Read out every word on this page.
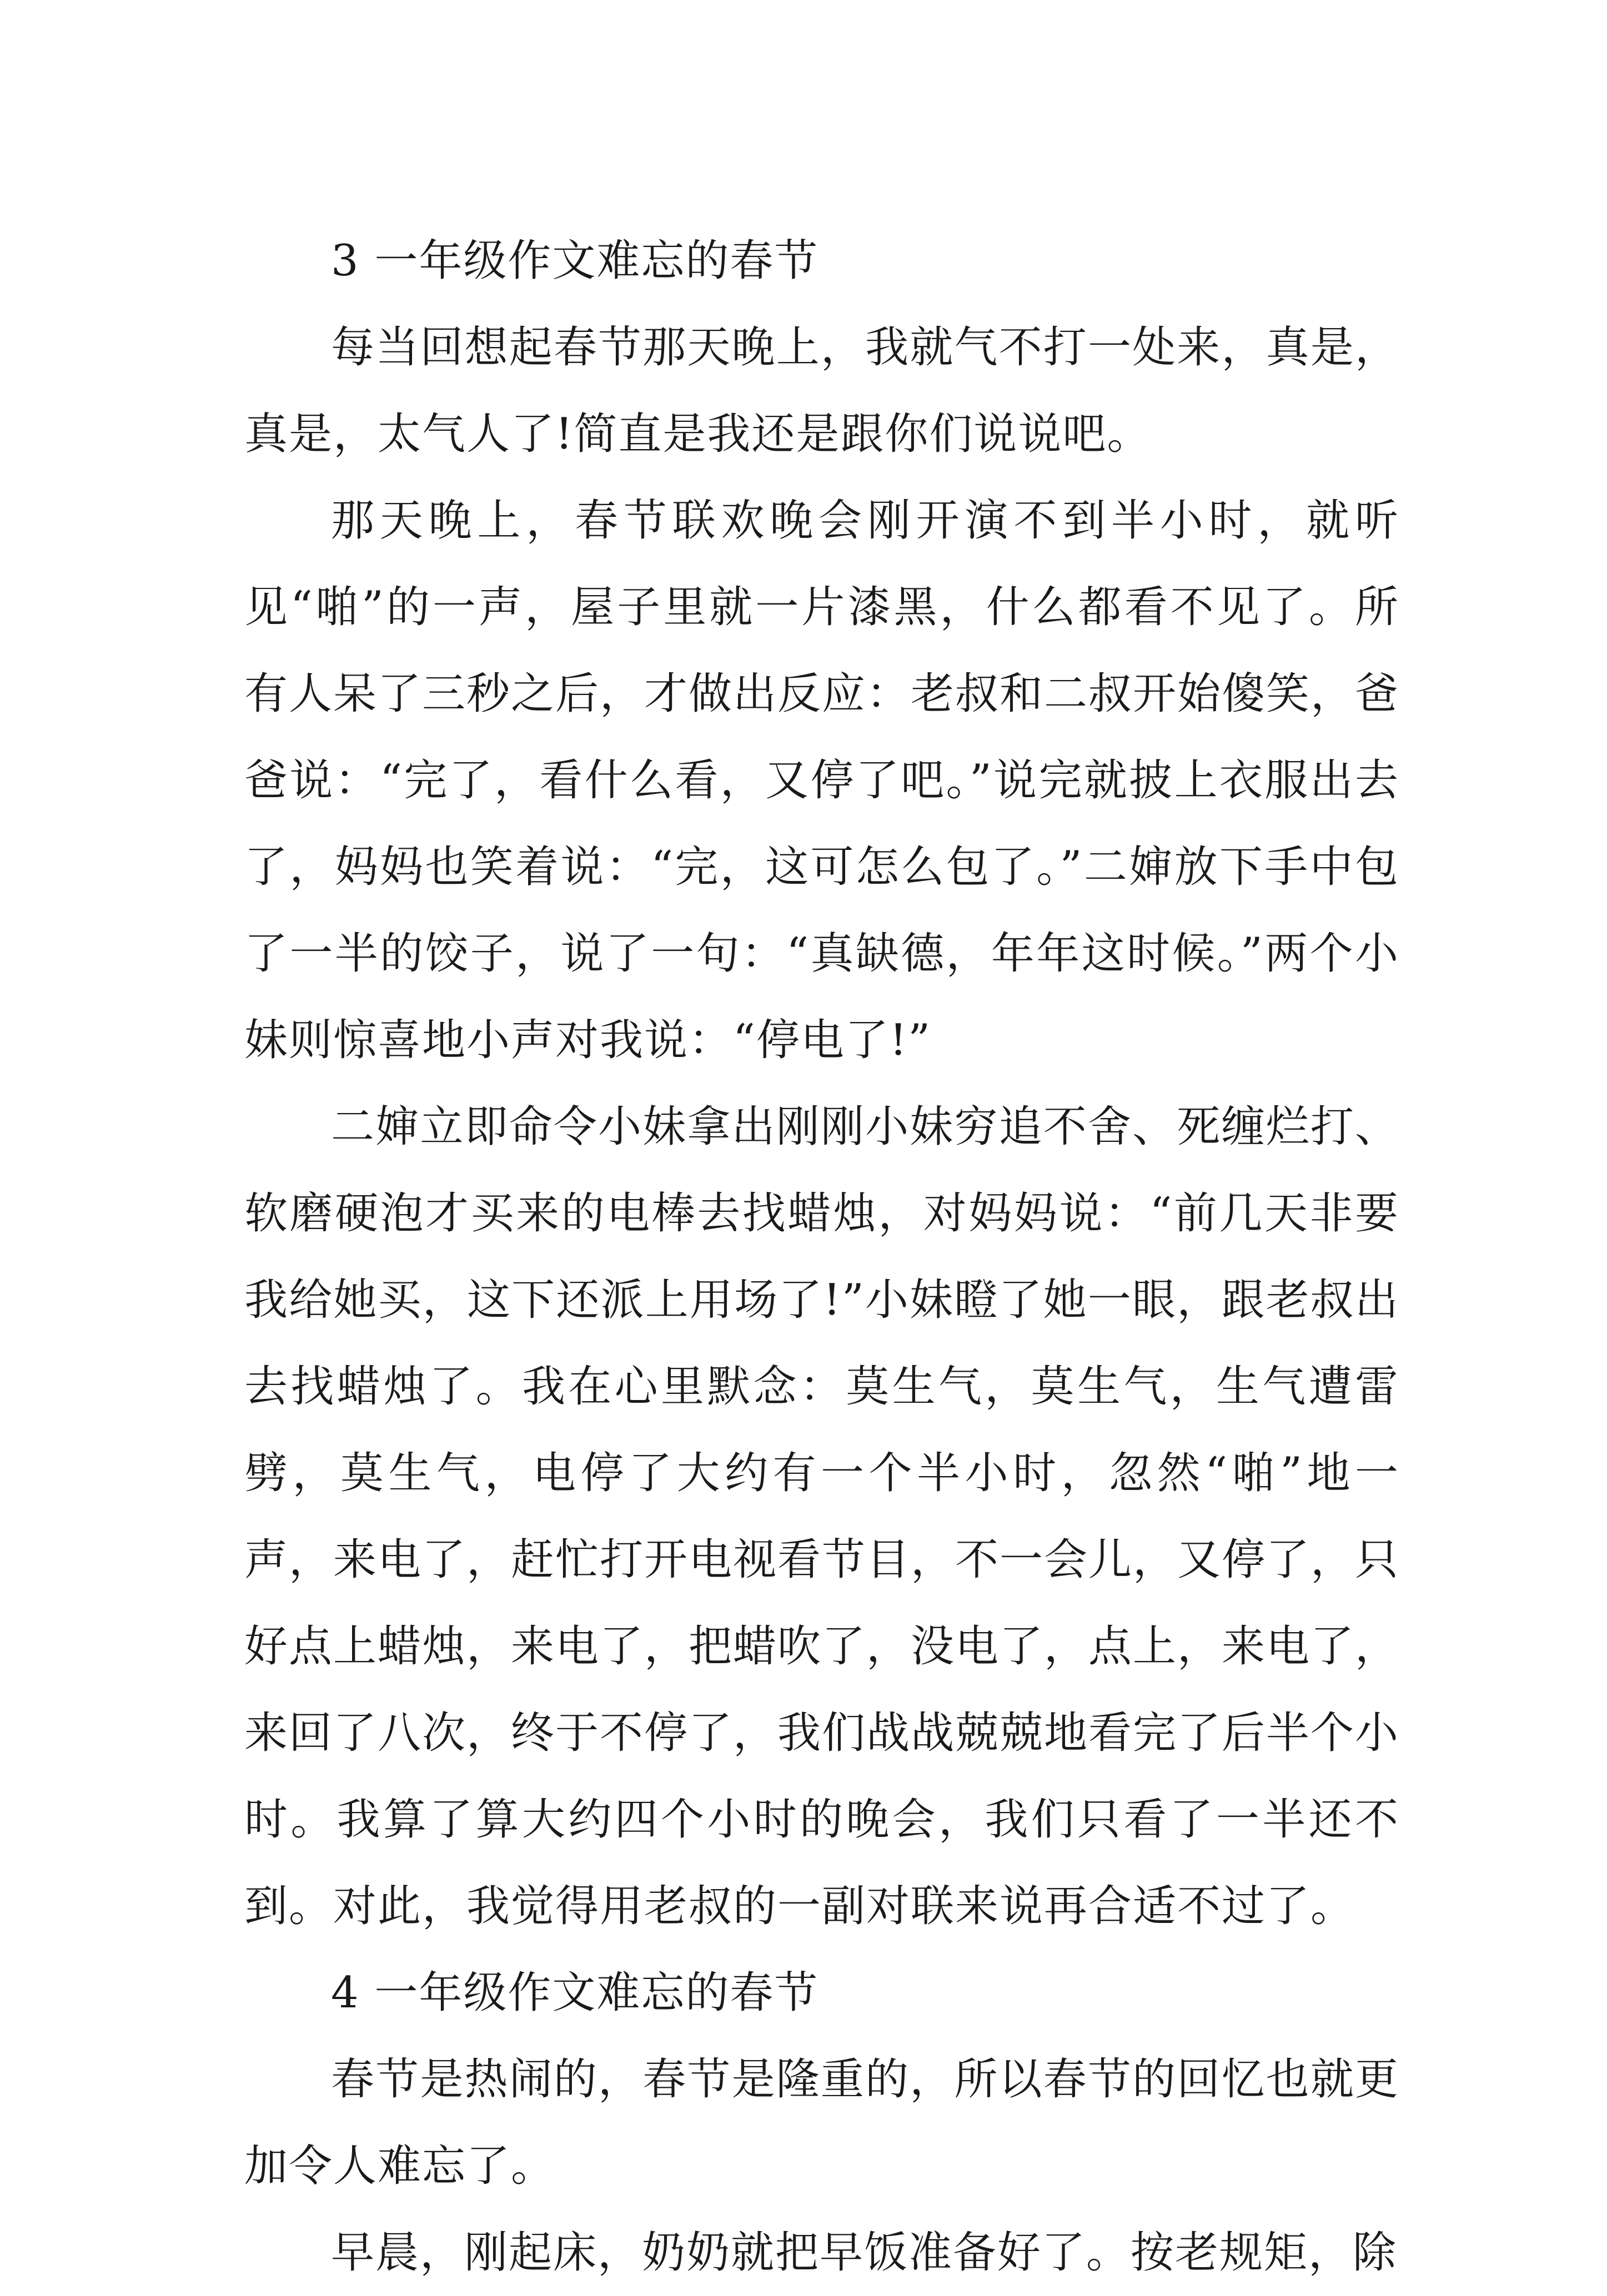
3 一年级作文难忘的春节

每当回想起春节那天晚上，我就气不打一处来，真是，真是，太气人了!简直是我还是跟你们说说吧。

那天晚上，春节联欢晚会刚开演不到半小时，就听见“啪”的一声，屋子里就一片漆黑，什么都看不见了。所有人呆了三秒之后，才做出反应：老叔和二叔开始傻笑，爸爸说：“完了，看什么看，又停了吧。”说完就披上衣服出去了，妈妈也笑着说：“完，这可怎么包了。”二婶放下手中包了一半的饺子，说了一句：“真缺德，年年这时候。”两个小妹则惊喜地小声对我说：“停电了!”

二婶立即命令小妹拿出刚刚小妹穷追不舍、死缠烂打、软磨硬泡才买来的电棒去找蜡烛，对妈妈说：“前几天非要我给她买，这下还派上用场了!”小妹瞪了她一眼，跟老叔出去找蜡烛了。我在心里默念：莫生气，莫生气，生气遭雷劈，莫生气，电停了大约有一个半小时，忽然“啪”地一声，来电了，赶忙打开电视看节目，不一会儿，又停了，只好点上蜡烛，来电了，把蜡吹了，没电了，点上，来电了，来回了八次，终于不停了，我们战战兢兢地看完了后半个小时。我算了算大约四个小时的晚会，我们只看了一半还不到。对此，我觉得用老叔的一副对联来说再合适不过了。

4 一年级作文难忘的春节

春节是热闹的，春节是隆重的，所以春节的回忆也就更加令人难忘了。

早晨，刚起床，奶奶就把早饭准备好了。按老规矩，除
